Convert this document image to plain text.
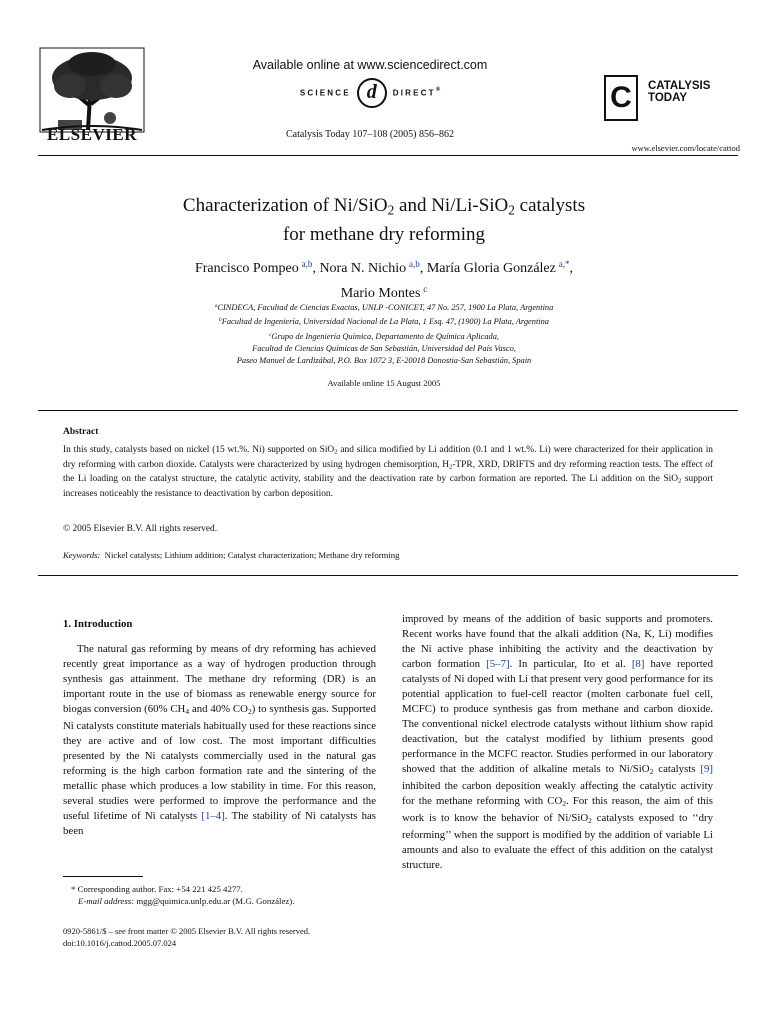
ELSEVIER
Available online at www.sciencedirect.com
SCIENCE d DIRECT®
Catalysis Today 107–108 (2005) 856–862
C CATALYSIS
TODAY
www.elsevier.com/locate/cattod
Characterization of Ni/SiO$_2$ and Ni/Li-SiO$_2$ catalysts
for methane dry reforming
Francisco Pompeo  $^{a,b}$, Nora N. Nichio  $^{a,b}$, María Gloria González  $^{a,*}$,
Mario Montes  $^c$
$^a$CINDECA, Facultad de Ciencias Exactas, UNLP -CONICET, 47 No. 257, 1900 La Plata, Argentina
$^b$Facultad de Ingeniería, Universidad Nacional de La Plata, 1 Esq. 47, (1900) La Plata, Argentina
$^c$Grupo de Ingeniería Química, Departamento de Química Aplicada,
Facultad de Ciencias Químicas de San Sebastián, Universidad del País Vasco,
Paseo Manuel de Lardizábal, P.O. Box 1072 3, E-20018 Donostia-San Sebastián, Spain
Available online 15 August 2005
Abstract
In this study, catalysts based on nickel (15 wt.%. Ni) supported on SiO$_2$ and silica modified by Li addition (0.1 and 1 wt.%. Li) were characterized for their application in dry reforming with carbon dioxide. Catalysts were characterized by using hydrogen chemisorption, $H_2$-TPR, XRD, DRIFTS and dry reforming reaction tests. The effect of the Li loading on the catalyst structure, the catalytic activity, stability and the deactivation rate by carbon formation are reported. The Li addition on the SiO$_2$ support increases noticeably the resistance to deactivation by carbon deposition.
© 2005 Elsevier B.V. All rights reserved.
Keywords: Nickel catalysts; Lithium addition; Catalyst characterization; Methane dry reforming
1. Introduction
The natural gas reforming by means of dry reforming has achieved recently great importance as a way of hydrogen production through synthesis gas attainment. The methane dry reforming (DR) is an important route in the use of biomass as renewable energy source for biogas conversion (60% $CH_4$ and 40% $CO_2$) to synthesis gas. Supported Ni catalysts constitute materials habitually used for these reactions since they are active and of low cost. The most important difficulties presented by the Ni catalysts commercially used in the natural gas reforming is the high carbon formation rate and the sintering of the metallic phase which produces a low stability in time. For this reason, several studies were performed to improve the performance and the useful lifetime of Ni catalysts [1–4]. The stability of Ni catalysts has been
improved by means of the addition of basic supports and promoters. Recent works have found that the alkali addition (Na, K, Li) modifies the Ni active phase inhibiting the activity and the deactivation by carbon formation [5–7]. In particular, Ito et al. [8] have reported catalysts of Ni doped with Li that present very good performance for its potential application to fuel-cell reactor (molten carbonate fuel cell, MCFC) to produce synthesis gas from methane and carbon dioxide. The conventional nickel electrode catalysts without lithium show rapid deactivation, but the catalyst modified by lithium presents good performance in the MCFC reactor. Studies performed in our laboratory showed that the addition of alkaline metals to Ni/SiO$_2$ catalysts [9] inhibited the carbon deposition weakly affecting the catalytic activity for the methane reforming with $CO_2$. For this reason, the aim of this work is to know the behavior of Ni/SiO$_2$ catalysts exposed to ‘‘dry reforming’’ when the support is modified by the addition of variable Li amounts and also to evaluate the effect of this addition on the catalyst structure.
* Corresponding author. Fax: +54 221 425 4277.
E-mail address: mgg@quimica.unlp.edu.ar (M.G. González).
0920-5861/$ – see front matter © 2005 Elsevier B.V. All rights reserved.
doi:10.1016/j.cattod.2005.07.024
